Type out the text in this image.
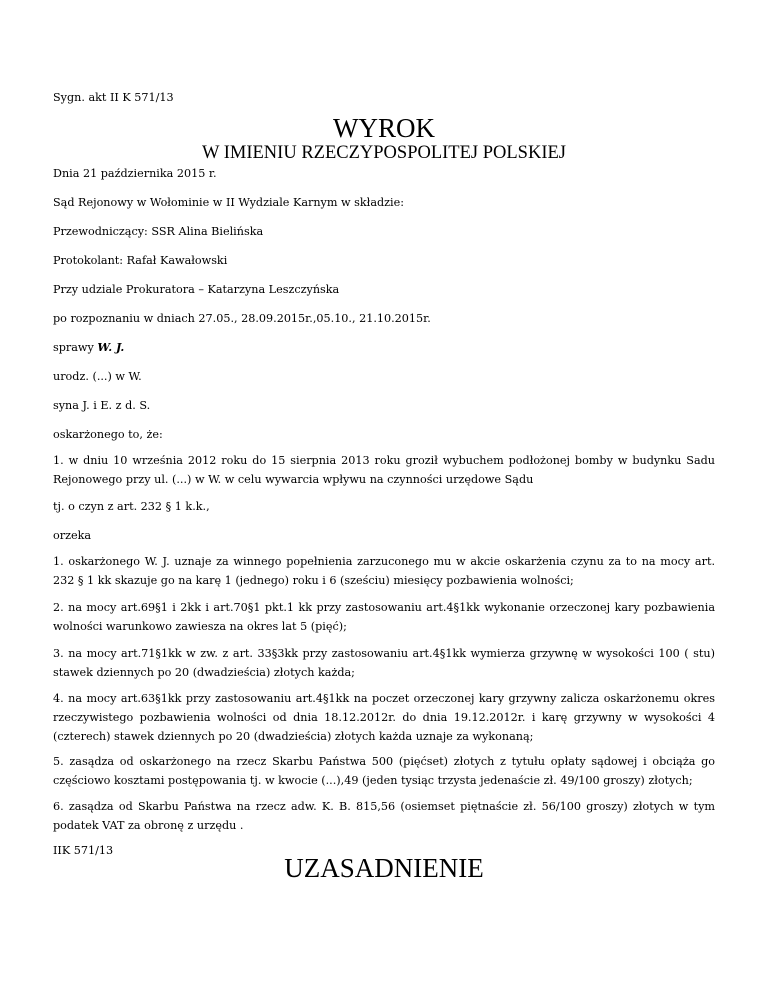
Sygn. akt II K 571/13

WYROK
W IMIENIU RZECZYPOSPOLITEJ POLSKIEJ

Dnia 21 października 2015 r.

Sąd Rejonowy w Wołominie w II Wydziale Karnym w składzie:

Przewodniczący: SSR Alina Bielińska

Protokolant: Rafał Kawałowski

Przy udziale Prokuratora – Katarzyna Leszczyńska

po rozpoznaniu w dniach 27.05., 28.09.2015r.,05.10., 21.10.2015r.

sprawy W. J.

urodz. (...) w W.

syna J. i E. z d. S.

oskarżonego to, że:

1. w dniu 10 września 2012 roku do 15 sierpnia 2013 roku groził wybuchem podłożonej bomby w budynku Sadu Rejonowego przy ul. (...) w W. w celu wywarcia wpływu na czynności urzędowe Sądu

tj. o czyn z art. 232 § 1 k.k.,

orzeka

1. oskarżonego W. J. uznaje za winnego popełnienia zarzuconego mu w akcie oskarżenia czynu za to na mocy art. 232 § 1 kk skazuje go na karę 1 (jednego) roku i 6 (sześciu) miesięcy pozbawienia wolności;

2. na mocy art.69§1 i 2kk i art.70§1 pkt.1 kk przy zastosowaniu art.4§1kk wykonanie orzeczonej kary pozbawienia wolności warunkowo zawiesza na okres lat 5 (pięć);

3. na mocy art.71§1kk w zw. z art. 33§3kk przy zastosowaniu art.4§1kk wymierza grzywnę w wysokości 100 ( stu) stawek dziennych po 20 (dwadzieścia) złotych każda;

4. na mocy art.63§1kk przy zastosowaniu art.4§1kk na poczet orzeczonej kary grzywny zalicza oskarżonemu okres rzeczywistego pozbawienia wolności od dnia 18.12.2012r. do dnia 19.12.2012r. i karę grzywny w wysokości 4 (czterech) stawek dziennych po 20 (dwadzieścia) złotych każda uznaje za wykonaną;

5. zasądza od oskarżonego na rzecz Skarbu Państwa 500 (pięćset) złotych z tytułu opłaty sądowej i obciąża go częściowo kosztami postępowania tj. w kwocie (...),49 (jeden tysiąc trzysta jedenaście zł. 49/100 groszy) złotych;

6. zasądza od Skarbu Państwa na rzecz adw. K. B. 815,56 (osiemset piętnaście zł. 56/100 groszy) złotych w tym podatek VAT za obronę z urzędu .

IIK 571/13

UZASADNIENIE
